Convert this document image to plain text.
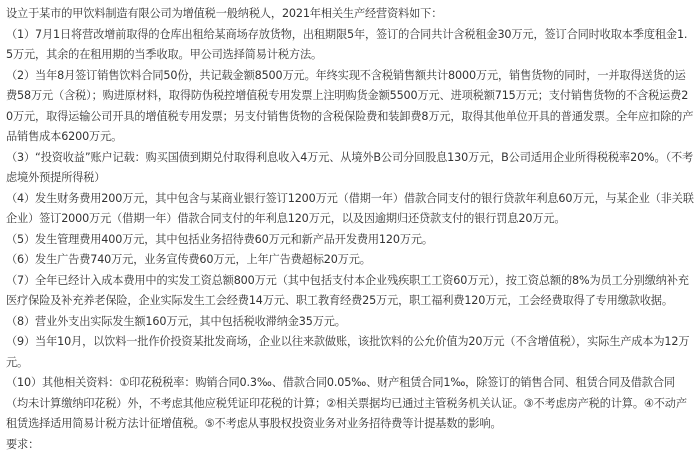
设立于某市的甲饮料制造有限公司为增值税一般纳税人，2021年相关生产经营资料如下：

（1）7月1日将营改增前取得的仓库出租给某商场存放货物，出租期限5年，签订的合同共计含税租金30万元，签订合同时收取本季度租金1.5万元，其余的在租用期的当季收取。甲公司选择简易计税方法。

（2）当年8月签订销售饮料合同50份，共记载金额8500万元。年终实现不含税销售额共计8000万元，销售货物的同时，一并取得送货的运费58万元（含税）；购进原材料，取得防伪税控增值税专用发票上注明购货金额5500万元、进项税额715万元；支付销售货物的不含税运费20万元，取得运输公司开具的增值税专用发票；另支付销售货物的含税保险费和装卸费8万元，取得其他单位开具的普通发票。全年应扣除的产品销售成本6200万元。

（3）“投资收益”账户记载：购买国债到期兑付取得利息收入4万元、从境外B公司分回股息130万元，B公司适用企业所得税税率20%。（不考虑境外预提所得税）

（4）发生财务费用200万元，其中包含与某商业银行签订1200万元（借期一年）借款合同支付的银行贷款年利息60万元，与某企业（非关联企业）签订2000万元（借期一年）借款合同支付的年利息120万元，以及因逾期归还贷款支付的银行罚息20万元。

（5）发生管理费用400万元，其中包括业务招待费60万元和新产品开发费用120万元。

（6）发生广告费740万元，业务宣传费60万元，上年广告费超标20万元。

（7）全年已经计入成本费用中的实发工资总额800万元（其中包括支付本企业残疾职工工资60万元），按工资总额的8%为员工分别缴纳补充医疗保险及补充养老保险，企业实际发生工会经费14万元、职工教育经费25万元，职工福利费120万元，工会经费取得了专用缴款收据。

（8）营业外支出实际发生额160万元，其中包括税收滞纳金35万元。

（9）当年10月，以饮料一批作价投资某批发商场，企业以往来款做账，该批饮料的公允价值为20万元（不含增值税），实际生产成本为12万元。

（10）其他相关资料：①印花税税率：购销合同0.3‰、借款合同0.05‰、财产租赁合同1‰，除签订的销售合同、租赁合同及借款合同（均未计算缴纳印花税）外，不考虑其他应税凭证印花税的计算；②相关票据均已通过主管税务机关认证。③不考虑房产税的计算。④不动产租赁选择适用简易计税方法计征增值税。⑤不考虑从事股权投资业务对业务招待费等计提基数的影响。

要求：
